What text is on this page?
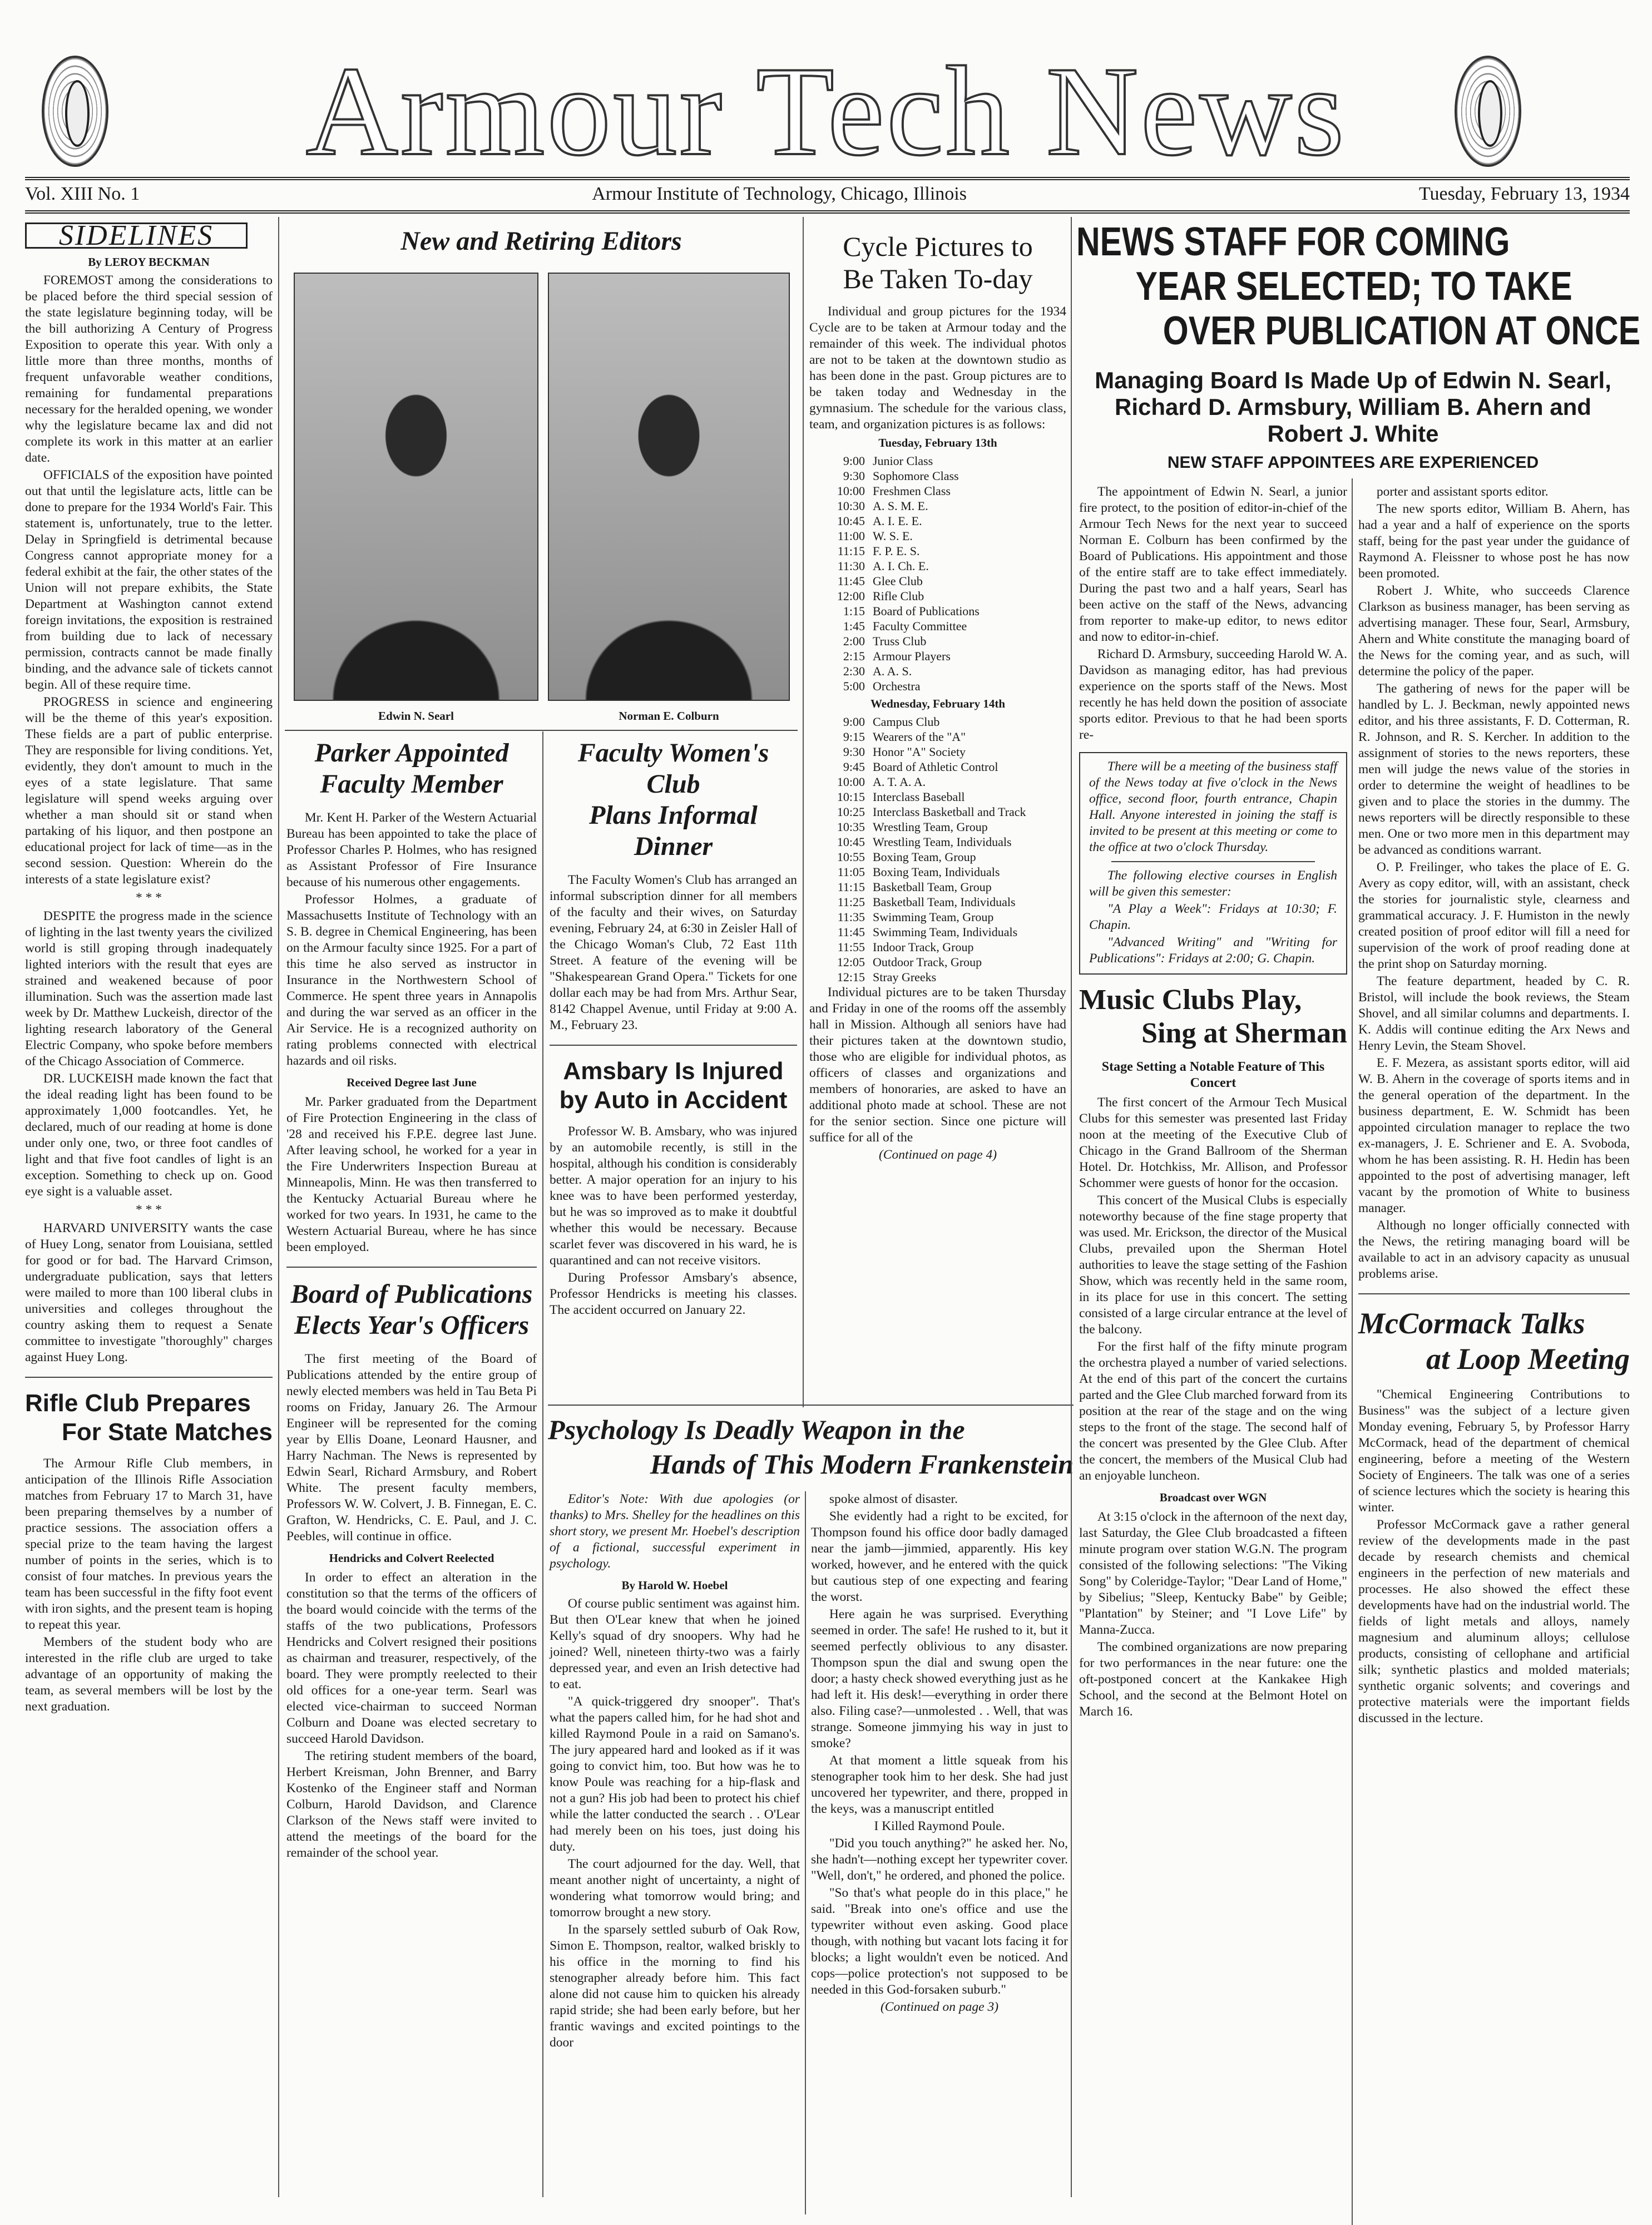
Armour Tech News
Vol. XIII No. 1	Armour Institute of Technology, Chicago, Illinois	Tuesday, February 13, 1934
SIDELINES
By LEROY BECKMAN

FOREMOST among the considerations to be placed before the third special session of the state legislature beginning today, will be the bill authorizing A Century of Progress Exposition to operate this year. With only a little more than three months, months of frequent unfavorable weather conditions, remaining for fundamental preparations necessary for the heralded opening, we wonder why the legislature became lax and did not complete its work in this matter at an earlier date.

OFFICIALS of the exposition have pointed out that until the legislature acts, little can be done to prepare for the 1934 World's Fair. This statement is, unfortunately, true to the letter. Delay in Springfield is detrimental because Congress cannot appropriate money for a federal exhibit at the fair, the other states of the Union will not prepare exhibits, the State Department at Washington cannot extend foreign invitations, the exposition is restrained from building due to lack of necessary permission, contracts cannot be made finally binding, and the advance sale of tickets cannot begin. All of these require time.

PROGRESS in science and engineering will be the theme of this year's exposition. These fields are a part of public enterprise. They are responsible for living conditions. Yet, evidently, they don't amount to much in the eyes of a state legislature. That same legislature will spend weeks arguing over whether a man should sit or stand when partaking of his liquor, and then postpone an educational project for lack of time—as in the second session. Question: Wherein do the interests of a state legislature exist?

* * *

DESPITE the progress made in the science of lighting in the last twenty years the civilized world is still groping through inadequately lighted interiors with the result that eyes are strained and weakened because of poor illumination. Such was the assertion made last week by Dr. Matthew Luckeish, director of the lighting research laboratory of the General Electric Company, who spoke before members of the Chicago Association of Commerce.

DR. LUCKEISH made known the fact that the ideal reading light has been found to be approximately 1,000 footcandles. Yet, he declared, much of our reading at home is done under only one, two, or three foot candles of light and that five foot candles of light is an exception. Something to check up on. Good eye sight is a valuable asset.

* * *

HARVARD UNIVERSITY wants the case of Huey Long, senator from Louisiana, settled for good or for bad. The Harvard Crimson, undergraduate publication, says that letters were mailed to more than 100 liberal clubs in universities and colleges throughout the country asking them to request a Senate committee to investigate "thoroughly" charges against Huey Long.

Rifle Club Prepares
For State Matches

The Armour Rifle Club members, in anticipation of the Illinois Rifle Association matches from February 17 to March 31, have been preparing themselves by a number of practice sessions. The association offers a special prize to the team having the largest number of points in the series, which is to consist of four matches. In previous years the team has been successful in the fifty foot event with iron sights, and the present team is hoping to repeat this year.

Members of the student body who are interested in the rifle club are urged to take advantage of an opportunity of making the team, as several members will be lost by the next graduation.

New and Retiring Editors
Edwin N. Searl	Norman E. Colburn
Parker Appointed
Faculty Member

Mr. Kent H. Parker of the Western Actuarial Bureau has been appointed to take the place of Professor Charles P. Holmes, who has resigned as Assistant Professor of Fire Insurance because of his numerous other engagements.

Professor Holmes, a graduate of Massachusetts Institute of Technology with an S. B. degree in Chemical Engineering, has been on the Armour faculty since 1925. For a part of this time he also served as instructor in Insurance in the Northwestern School of Commerce. He spent three years in Annapolis and during the war served as an officer in the Air Service. He is a recognized authority on rating problems connected with electrical hazards and oil risks.

Received Degree last June

Mr. Parker graduated from the Department of Fire Protection Engineering in the class of '28 and received his F.P.E. degree last June. After leaving school, he worked for a year in the Fire Underwriters Inspection Bureau at Minneapolis, Minn. He was then transferred to the Kentucky Actuarial Bureau where he worked for two years. In 1931, he came to the Western Actuarial Bureau, where he has since been employed.

Board of Publications
Elects Year's Officers

The first meeting of the Board of Publications attended by the entire group of newly elected members was held in Tau Beta Pi rooms on Friday, January 26. The Armour Engineer will be represented for the coming year by Ellis Doane, Leonard Hausner, and Harry Nachman. The News is represented by Edwin Searl, Richard Armsbury, and Robert White. The present faculty members, Professors W. W. Colvert, J. B. Finnegan, E. C. Grafton, W. Hendricks, C. E. Paul, and J. C. Peebles, will continue in office.

Hendricks and Colvert Reelected

In order to effect an alteration in the constitution so that the terms of the officers of the board would coincide with the terms of the staffs of the two publications, Professors Hendricks and Colvert resigned their positions as chairman and treasurer, respectively, of the board. They were promptly reelected to their old offices for a one-year term. Searl was elected vice-chairman to succeed Norman Colburn and Doane was elected secretary to succeed Harold Davidson.

The retiring student members of the board, Herbert Kreisman, John Brenner, and Barry Kostenko of the Engineer staff and Norman Colburn, Harold Davidson, and Clarence Clarkson of the News staff were invited to attend the meetings of the board for the remainder of the school year.

Faculty Women's Club
Plans Informal Dinner

The Faculty Women's Club has arranged an informal subscription dinner for all members of the faculty and their wives, on Saturday evening, February 24, at 6:30 in Zeisler Hall of the Chicago Woman's Club, 72 East 11th Street. A feature of the evening will be "Shakespearean Grand Opera." Tickets for one dollar each may be had from Mrs. Arthur Sear, 8142 Chappel Avenue, until Friday at 9:00 A. M., February 23.

Amsbary Is Injured
by Auto in Accident

Professor W. B. Amsbary, who was injured by an automobile recently, is still in the hospital, although his condition is considerably better. A major operation for an injury to his knee was to have been performed yesterday, but he was so improved as to make it doubtful whether this would be necessary. Because scarlet fever was discovered in his ward, he is quarantined and can not receive visitors.

During Professor Amsbary's absence, Professor Hendricks is meeting his classes. The accident occurred on January 22.

Cycle Pictures to
Be Taken To-day

Individual and group pictures for the 1934 Cycle are to be taken at Armour today and the remainder of this week. The individual photos are not to be taken at the downtown studio as has been done in the past. Group pictures are to be taken today and Wednesday in the gymnasium. The schedule for the various class, team, and organization pictures is as follows:

Tuesday, February 13th
9:00 Junior Class
9:30 Sophomore Class
10:00 Freshmen Class
10:30 A. S. M. E.
10:45 A. I. E. E.
11:00 W. S. E.
11:15 F. P. E. S.
11:30 A. I. Ch. E.
11:45 Glee Club
12:00 Rifle Club
1:15 Board of Publications
1:45 Faculty Committee
2:00 Truss Club
2:15 Armour Players
2:30 A. A. S.
5:00 Orchestra
Wednesday, February 14th
9:00 Campus Club
9:15 Wearers of the "A"
9:30 Honor "A" Society
9:45 Board of Athletic Control
10:00 A. T. A. A.
10:15 Interclass Baseball
10:25 Interclass Basketball and Track
10:35 Wrestling Team, Group
10:45 Wrestling Team, Individuals
10:55 Boxing Team, Group
11:05 Boxing Team, Individuals
11:15 Basketball Team, Group
11:25 Basketball Team, Individuals
11:35 Swimming Team, Group
11:45 Swimming Team, Individuals
11:55 Indoor Track, Group
12:05 Outdoor Track, Group
12:15 Stray Greeks

Individual pictures are to be taken Thursday and Friday in one of the rooms off the assembly hall in Mission. Although all seniors have had their pictures taken at the downtown studio, those who are eligible for individual photos, as officers of classes and organizations and members of honoraries, are asked to have an additional photo made at school. These are not for the senior section. Since one picture will suffice for all of the

(Continued on page 4)

Psychology Is Deadly Weapon in the
Hands of This Modern Frankenstein

Editor's Note: With due apologies (or thanks) to Mrs. Shelley for the headlines on this short story, we present Mr. Hoebel's description of a fictional, successful experiment in psychology.

By Harold W. Hoebel

Of course public sentiment was against him. But then O'Lear knew that when he joined Kelly's squad of dry snoopers. Why had he joined? Well, nineteen thirty-two was a fairly depressed year, and even an Irish detective had to eat.

"A quick-triggered dry snooper". That's what the papers called him, for he had shot and killed Raymond Poule in a raid on Samano's. The jury appeared hard and looked as if it was going to convict him, too. But how was he to know Poule was reaching for a hip-flask and not a gun? His job had been to protect his chief while the latter conducted the search . . O'Lear had merely been on his toes, just doing his duty.

The court adjourned for the day. Well, that meant another night of uncertainty, a night of wondering what tomorrow would bring; and tomorrow brought a new story.

In the sparsely settled suburb of Oak Row, Simon E. Thompson, realtor, walked briskly to his office in the morning to find his stenographer already before him. This fact alone did not cause him to quicken his already rapid stride; she had been early before, but her frantic wavings and excited pointings to the door

spoke almost of disaster.

She evidently had a right to be excited, for Thompson found his office door badly damaged near the jamb—jimmied, apparently. His key worked, however, and he entered with the quick but cautious step of one expecting and fearing the worst.

Here again he was surprised. Everything seemed in order. The safe! He rushed to it, but it seemed perfectly oblivious to any disaster. Thompson spun the dial and swung open the door; a hasty check showed everything just as he had left it. His desk!—everything in order there also. Filing case?—unmolested . . Well, that was strange. Someone jimmying his way in just to smoke?

At that moment a little squeak from his stenographer took him to her desk. She had just uncovered her typewriter, and there, propped in the keys, was a manuscript entitled

I Killed Raymond Poule.

"Did you touch anything?" he asked her. No, she hadn't—nothing except her typewriter cover. "Well, don't," he ordered, and phoned the police.

"So that's what people do in this place," he said. "Break into one's office and use the typewriter without even asking. Good place though, with nothing but vacant lots facing it for blocks; a light wouldn't even be noticed. And cops—police protection's not supposed to be needed in this God-forsaken suburb."

(Continued on page 3)

NEWS STAFF FOR COMING
YEAR SELECTED; TO TAKE
OVER PUBLICATION AT ONCE
Managing Board Is Made Up of Edwin N. Searl, Richard D. Armsbury, William B. Ahern and Robert J. White
NEW STAFF APPOINTEES ARE EXPERIENCED

The appointment of Edwin N. Searl, a junior fire protect, to the position of editor-in-chief of the Armour Tech News for the next year to succeed Norman E. Colburn has been confirmed by the Board of Publications. His appointment and those of the entire staff are to take effect immediately. During the past two and a half years, Searl has been active on the staff of the News, advancing from reporter to make-up editor, to news editor and now to editor-in-chief.

Richard D. Armsbury, succeeding Harold W. A. Davidson as managing editor, has had previous experience on the sports staff of the News. Most recently he has held down the position of associate sports editor. Previous to that he had been sports re-

There will be a meeting of the business staff of the News today at five o'clock in the News office, second floor, fourth entrance, Chapin Hall. Anyone interested in joining the staff is invited to be present at this meeting or come to the office at two o'clock Thursday.

The following elective courses in English will be given this semester:

"A Play a Week": Fridays at 10:30; F. Chapin.

"Advanced Writing" and "Writing for Publications": Fridays at 2:00; G. Chapin.

Music Clubs Play,
Sing at Sherman
Stage Setting a Notable Feature of This Concert

The first concert of the Armour Tech Musical Clubs for this semester was presented last Friday noon at the meeting of the Executive Club of Chicago in the Grand Ballroom of the Sherman Hotel. Dr. Hotchkiss, Mr. Allison, and Professor Schommer were guests of honor for the occasion.

This concert of the Musical Clubs is especially noteworthy because of the fine stage property that was used. Mr. Erickson, the director of the Musical Clubs, prevailed upon the Sherman Hotel authorities to leave the stage setting of the Fashion Show, which was recently held in the same room, in its place for use in this concert. The setting consisted of a large circular entrance at the level of the balcony.

For the first half of the fifty minute program the orchestra played a number of varied selections. At the end of this part of the concert the curtains parted and the Glee Club marched forward from its position at the rear of the stage and on the wing steps to the front of the stage. The second half of the concert was presented by the Glee Club. After the concert, the members of the Musical Club had an enjoyable luncheon.

Broadcast over WGN

At 3:15 o'clock in the afternoon of the next day, last Saturday, the Glee Club broadcasted a fifteen minute program over station W.G.N. The program consisted of the following selections: "The Viking Song" by Coleridge-Taylor; "Dear Land of Home," by Sibelius; "Sleep, Kentucky Babe" by Geible; "Plantation" by Steiner; and "I Love Life" by Manna-Zucca.

The combined organizations are now preparing for two performances in the near future: one the oft-postponed concert at the Kankakee High School, and the second at the Belmont Hotel on March 16.

porter and assistant sports editor.

The new sports editor, William B. Ahern, has had a year and a half of experience on the sports staff, being for the past year under the guidance of Raymond A. Fleissner to whose post he has now been promoted.

Robert J. White, who succeeds Clarence Clarkson as business manager, has been serving as advertising manager. These four, Searl, Armsbury, Ahern and White constitute the managing board of the News for the coming year, and as such, will determine the policy of the paper.

The gathering of news for the paper will be handled by L. J. Beckman, newly appointed news editor, and his three assistants, F. D. Cotterman, R. R. Johnson, and R. S. Kercher. In addition to the assignment of stories to the news reporters, these men will judge the news value of the stories in order to determine the weight of headlines to be given and to place the stories in the dummy. The news reporters will be directly responsible to these men. One or two more men in this department may be advanced as conditions warrant.

O. P. Freilinger, who takes the place of E. G. Avery as copy editor, will, with an assistant, check the stories for journalistic style, clearness and grammatical accuracy. J. F. Humiston in the newly created position of proof editor will fill a need for supervision of the work of proof reading done at the print shop on Saturday morning.

The feature department, headed by C. R. Bristol, will include the book reviews, the Steam Shovel, and all similar columns and departments. I. K. Addis will continue editing the Arx News and Henry Levin, the Steam Shovel.

E. F. Mezera, as assistant sports editor, will aid W. B. Ahern in the coverage of sports items and in the general operation of the department. In the business department, E. W. Schmidt has been appointed circulation manager to replace the two ex-managers, J. E. Schriener and E. A. Svoboda, whom he has been assisting. R. H. Hedin has been appointed to the post of advertising manager, left vacant by the promotion of White to business manager.

Although no longer officially connected with the News, the retiring managing board will be available to act in an advisory capacity as unusual problems arise.

McCormack Talks
at Loop Meeting

"Chemical Engineering Contributions to Business" was the subject of a lecture given Monday evening, February 5, by Professor Harry McCormack, head of the department of chemical engineering, before a meeting of the Western Society of Engineers. The talk was one of a series of science lectures which the society is hearing this winter.

Professor McCormack gave a rather general review of the developments made in the past decade by research chemists and chemical engineers in the perfection of new materials and processes. He also showed the effect these developments have had on the industrial world. The fields of light metals and alloys, namely magnesium and aluminum alloys; cellulose products, consisting of cellophane and artificial silk; synthetic plastics and molded materials; synthetic organic solvents; and coverings and protective materials were the important fields discussed in the lecture.
